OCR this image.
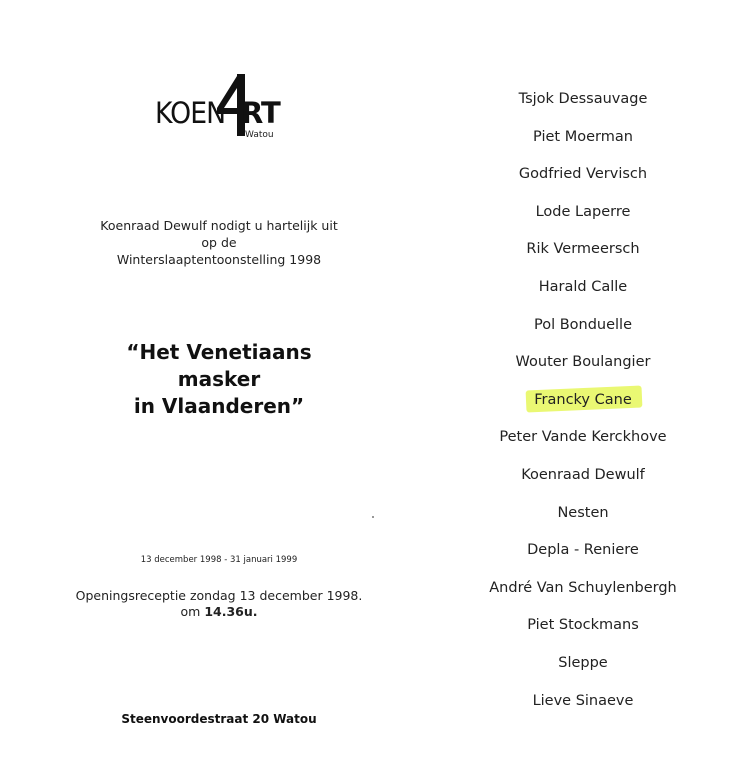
KOEN RT
Watou
Koenraad Dewulf nodigt u hartelijk uit
op de
Winterslaaptentoonstelling 1998
“Het Venetiaans
masker
in Vlaanderen”
13 december 1998 - 31 januari 1999
Openingsreceptie zondag 13 december 1998.
om 14.36u.
Steenvoordestraat 20 Watou
Tsjok Dessauvage
Piet Moerman
Godfried Vervisch
Lode Laperre
Rik Vermeersch
Harald Calle
Pol Bonduelle
Wouter Boulangier
Francky Cane
Peter Vande Kerckhove
Koenraad Dewulf
Nesten
Depla - Reniere
André Van Schuylenbergh
Piet Stockmans
Sleppe
Lieve Sinaeve
